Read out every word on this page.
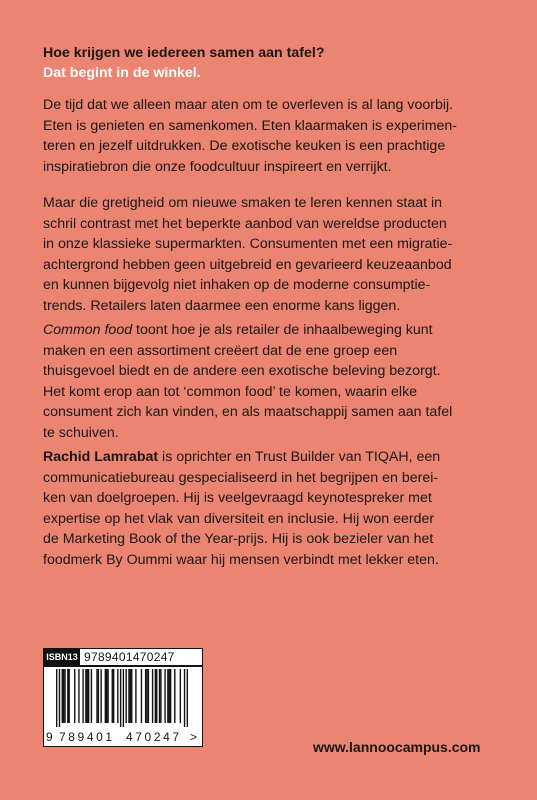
Hoe krijgen we iedereen samen aan tafel?

Dat begint in de winkel.

De tijd dat we alleen maar aten om te overleven is al lang voorbij.
Eten is genieten en samenkomen. Eten klaarmaken is experimen-
teren en jezelf uitdrukken. De exotische keuken is een prachtige
inspiratiebron die onze foodcultuur inspireert en verrijkt.

Maar die gretigheid om nieuwe smaken te leren kennen staat in
schril contrast met het beperkte aanbod van wereldse producten
in onze klassieke supermarkten. Consumenten met een migratie-
achtergrond hebben geen uitgebreid en gevarieerd keuzeaanbod
en kunnen bijgevolg niet inhaken op de moderne consumptie-
trends. Retailers laten daarmee een enorme kans liggen.

Common food toont hoe je als retailer de inhaalbeweging kunt
maken en een assortiment creëert dat de ene groep een
thuisgevoel biedt en de andere een exotische beleving bezorgt.
Het komt erop aan tot ‘common food’ te komen, waarin elke
consument zich kan vinden, en als maatschappij samen aan tafel
te schuiven.

Rachid Lamrabat is oprichter en Trust Builder van TIQAH, een
communicatiebureau gespecialiseerd in het begrijpen en berei-
ken van doelgroepen. Hij is veelgevraagd keynotespreker met
expertise op het vlak van diversiteit en inclusie. Hij won eerder
de Marketing Book of the Year-prijs. Hij is ook bezieler van het
foodmerk By Oummi waar hij mensen verbindt met lekker eten.

ISBN13 9789401470247
9 789401 470247 >
www.lannoocampus.com
